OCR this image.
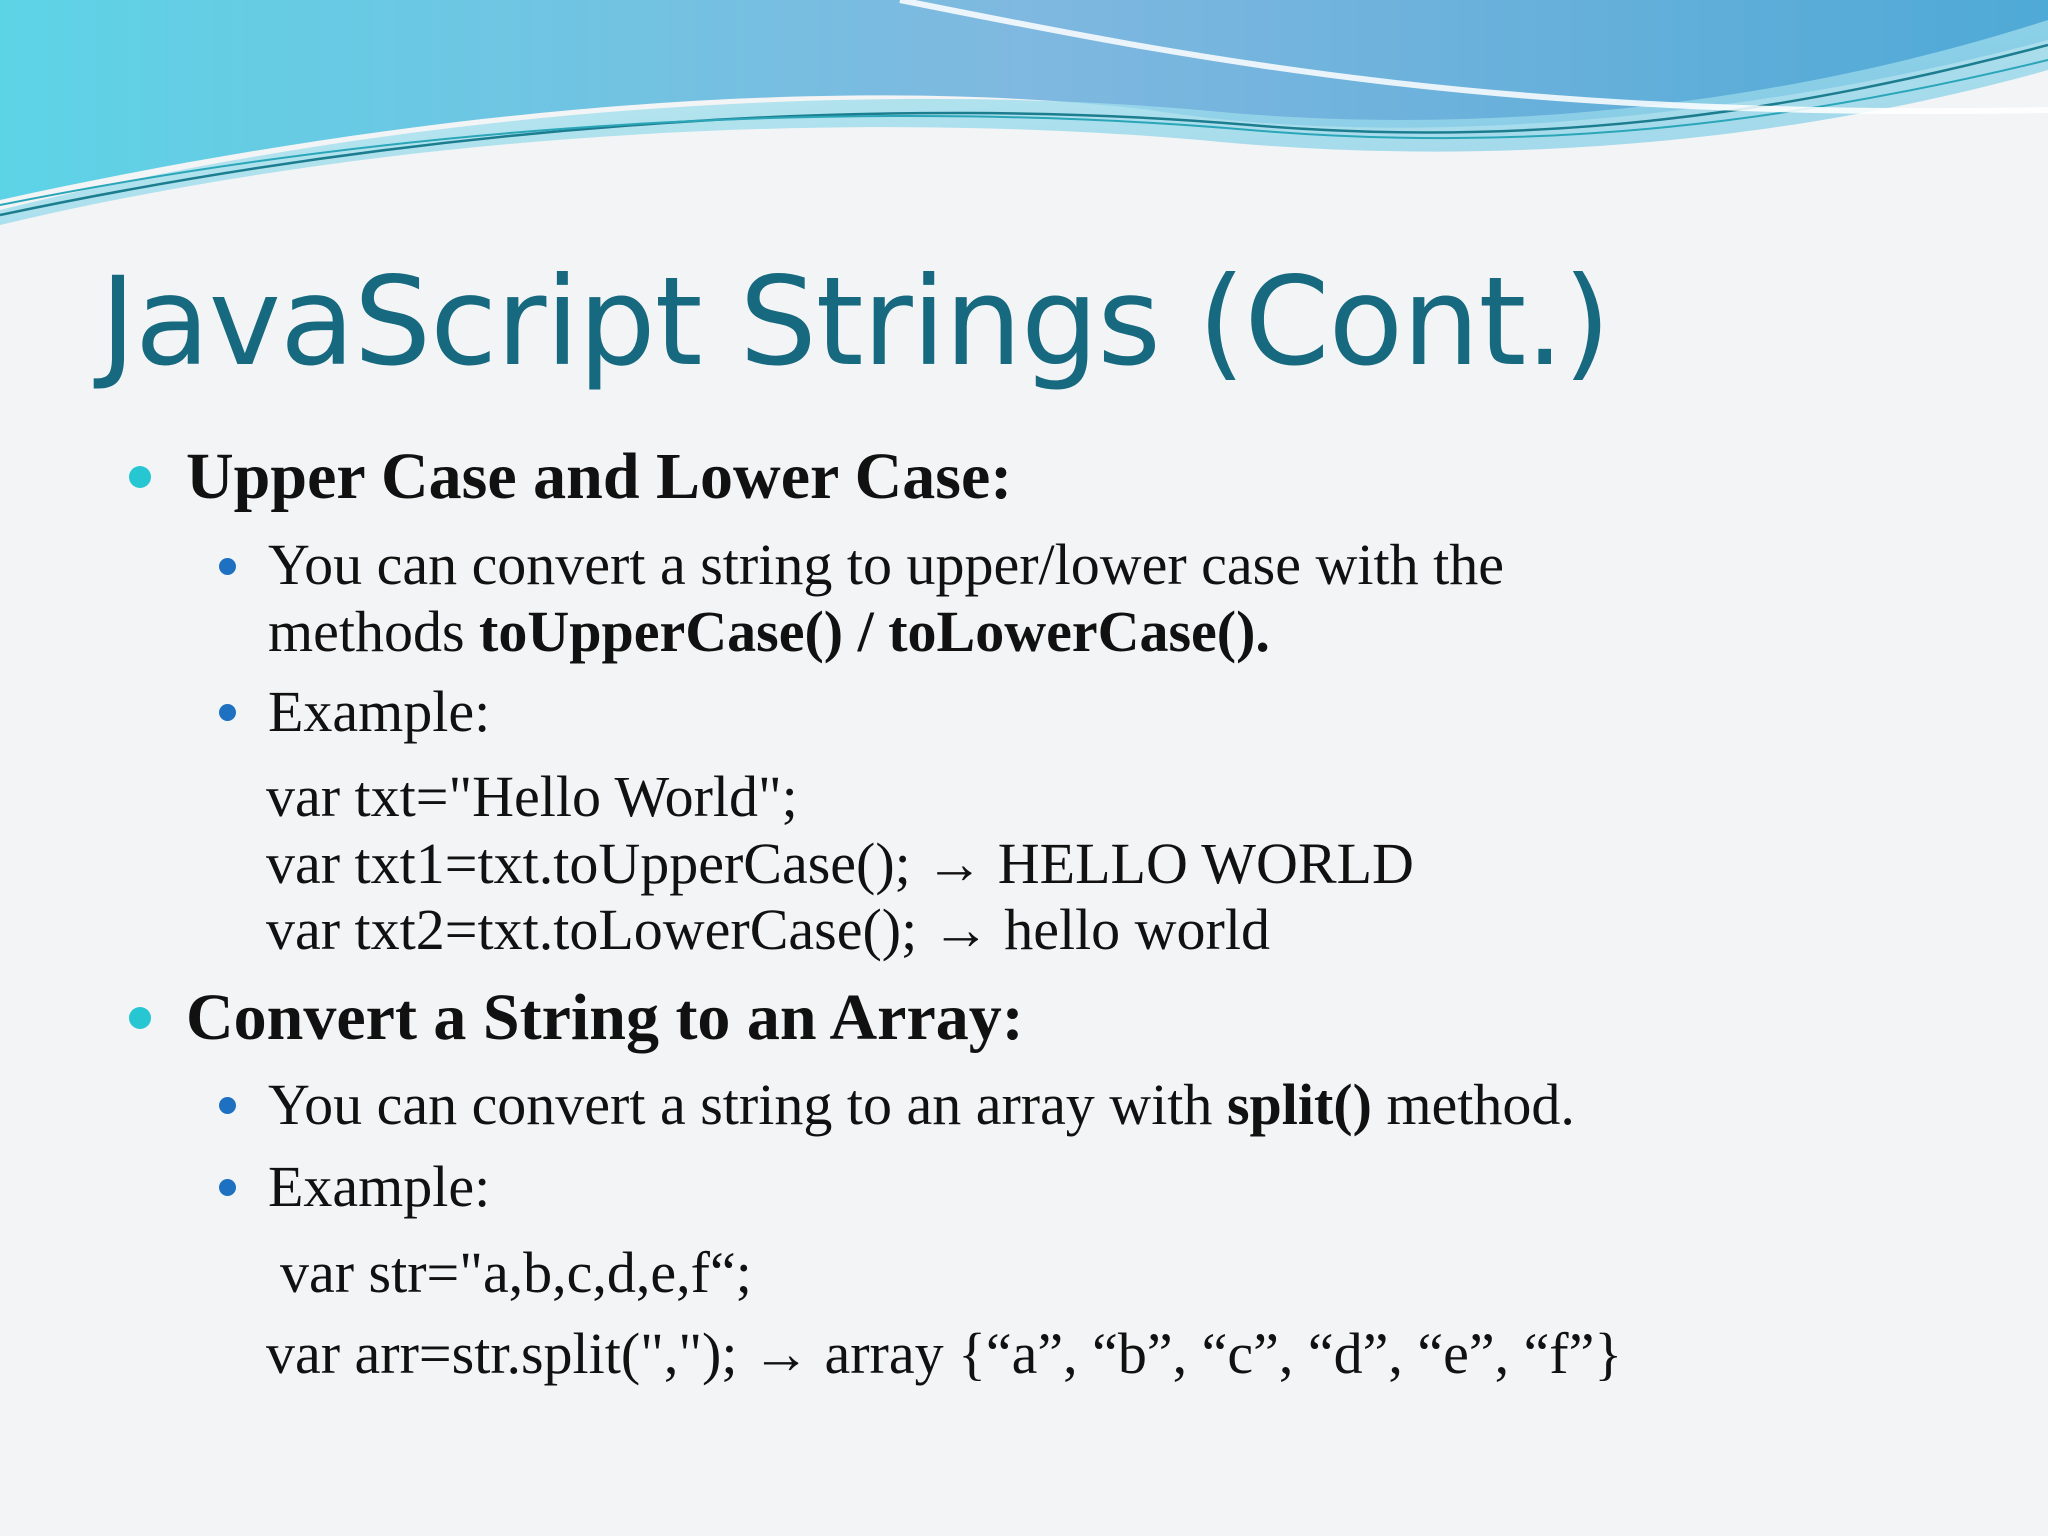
JavaScript Strings (Cont.)
Upper Case and Lower Case:
You can convert a string to upper/lower case with the
methods toUpperCase() / toLowerCase().
Example:
var txt="Hello World";
var txt1=txt.toUpperCase(); → HELLO WORLD
var txt2=txt.toLowerCase(); → hello world
Convert a String to an Array:
You can convert a string to an array with split() method.
Example:
var str="a,b,c,d,e,f“;
var arr=str.split(","); → array {“a”, “b”, “c”, “d”, “e”, “f”}
